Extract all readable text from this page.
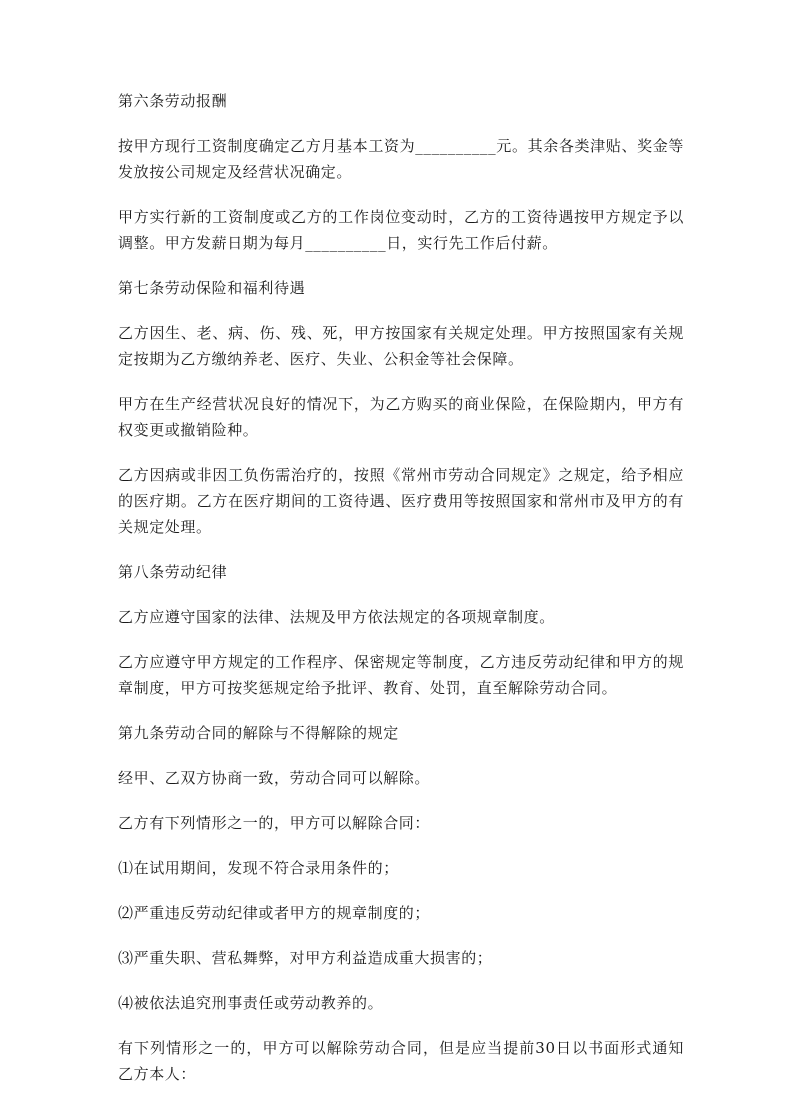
第六条劳动报酬

按甲方现行工资制度确定乙方月基本工资为__________元。其余各类津贴、奖金等发放按公司规定及经营状况确定。

甲方实行新的工资制度或乙方的工作岗位变动时，乙方的工资待遇按甲方规定予以调整。甲方发薪日期为每月__________日，实行先工作后付薪。

第七条劳动保险和福利待遇

乙方因生、老、病、伤、残、死，甲方按国家有关规定处理。甲方按照国家有关规定按期为乙方缴纳养老、医疗、失业、公积金等社会保障。

甲方在生产经营状况良好的情况下，为乙方购买的商业保险，在保险期内，甲方有权变更或撤销险种。

乙方因病或非因工负伤需治疗的，按照《常州市劳动合同规定》之规定，给予相应的医疗期。乙方在医疗期间的工资待遇、医疗费用等按照国家和常州市及甲方的有关规定处理。

第八条劳动纪律

乙方应遵守国家的法律、法规及甲方依法规定的各项规章制度。

乙方应遵守甲方规定的工作程序、保密规定等制度，乙方违反劳动纪律和甲方的规章制度，甲方可按奖惩规定给予批评、教育、处罚，直至解除劳动合同。

第九条劳动合同的解除与不得解除的规定

经甲、乙双方协商一致，劳动合同可以解除。

乙方有下列情形之一的，甲方可以解除合同：

⑴在试用期间，发现不符合录用条件的；

⑵严重违反劳动纪律或者甲方的规章制度的；

⑶严重失职、营私舞弊，对甲方利益造成重大损害的；

⑷被依法追究刑事责任或劳动教养的。

有下列情形之一的，甲方可以解除劳动合同，但是应当提前30日以书面形式通知乙方本人：
